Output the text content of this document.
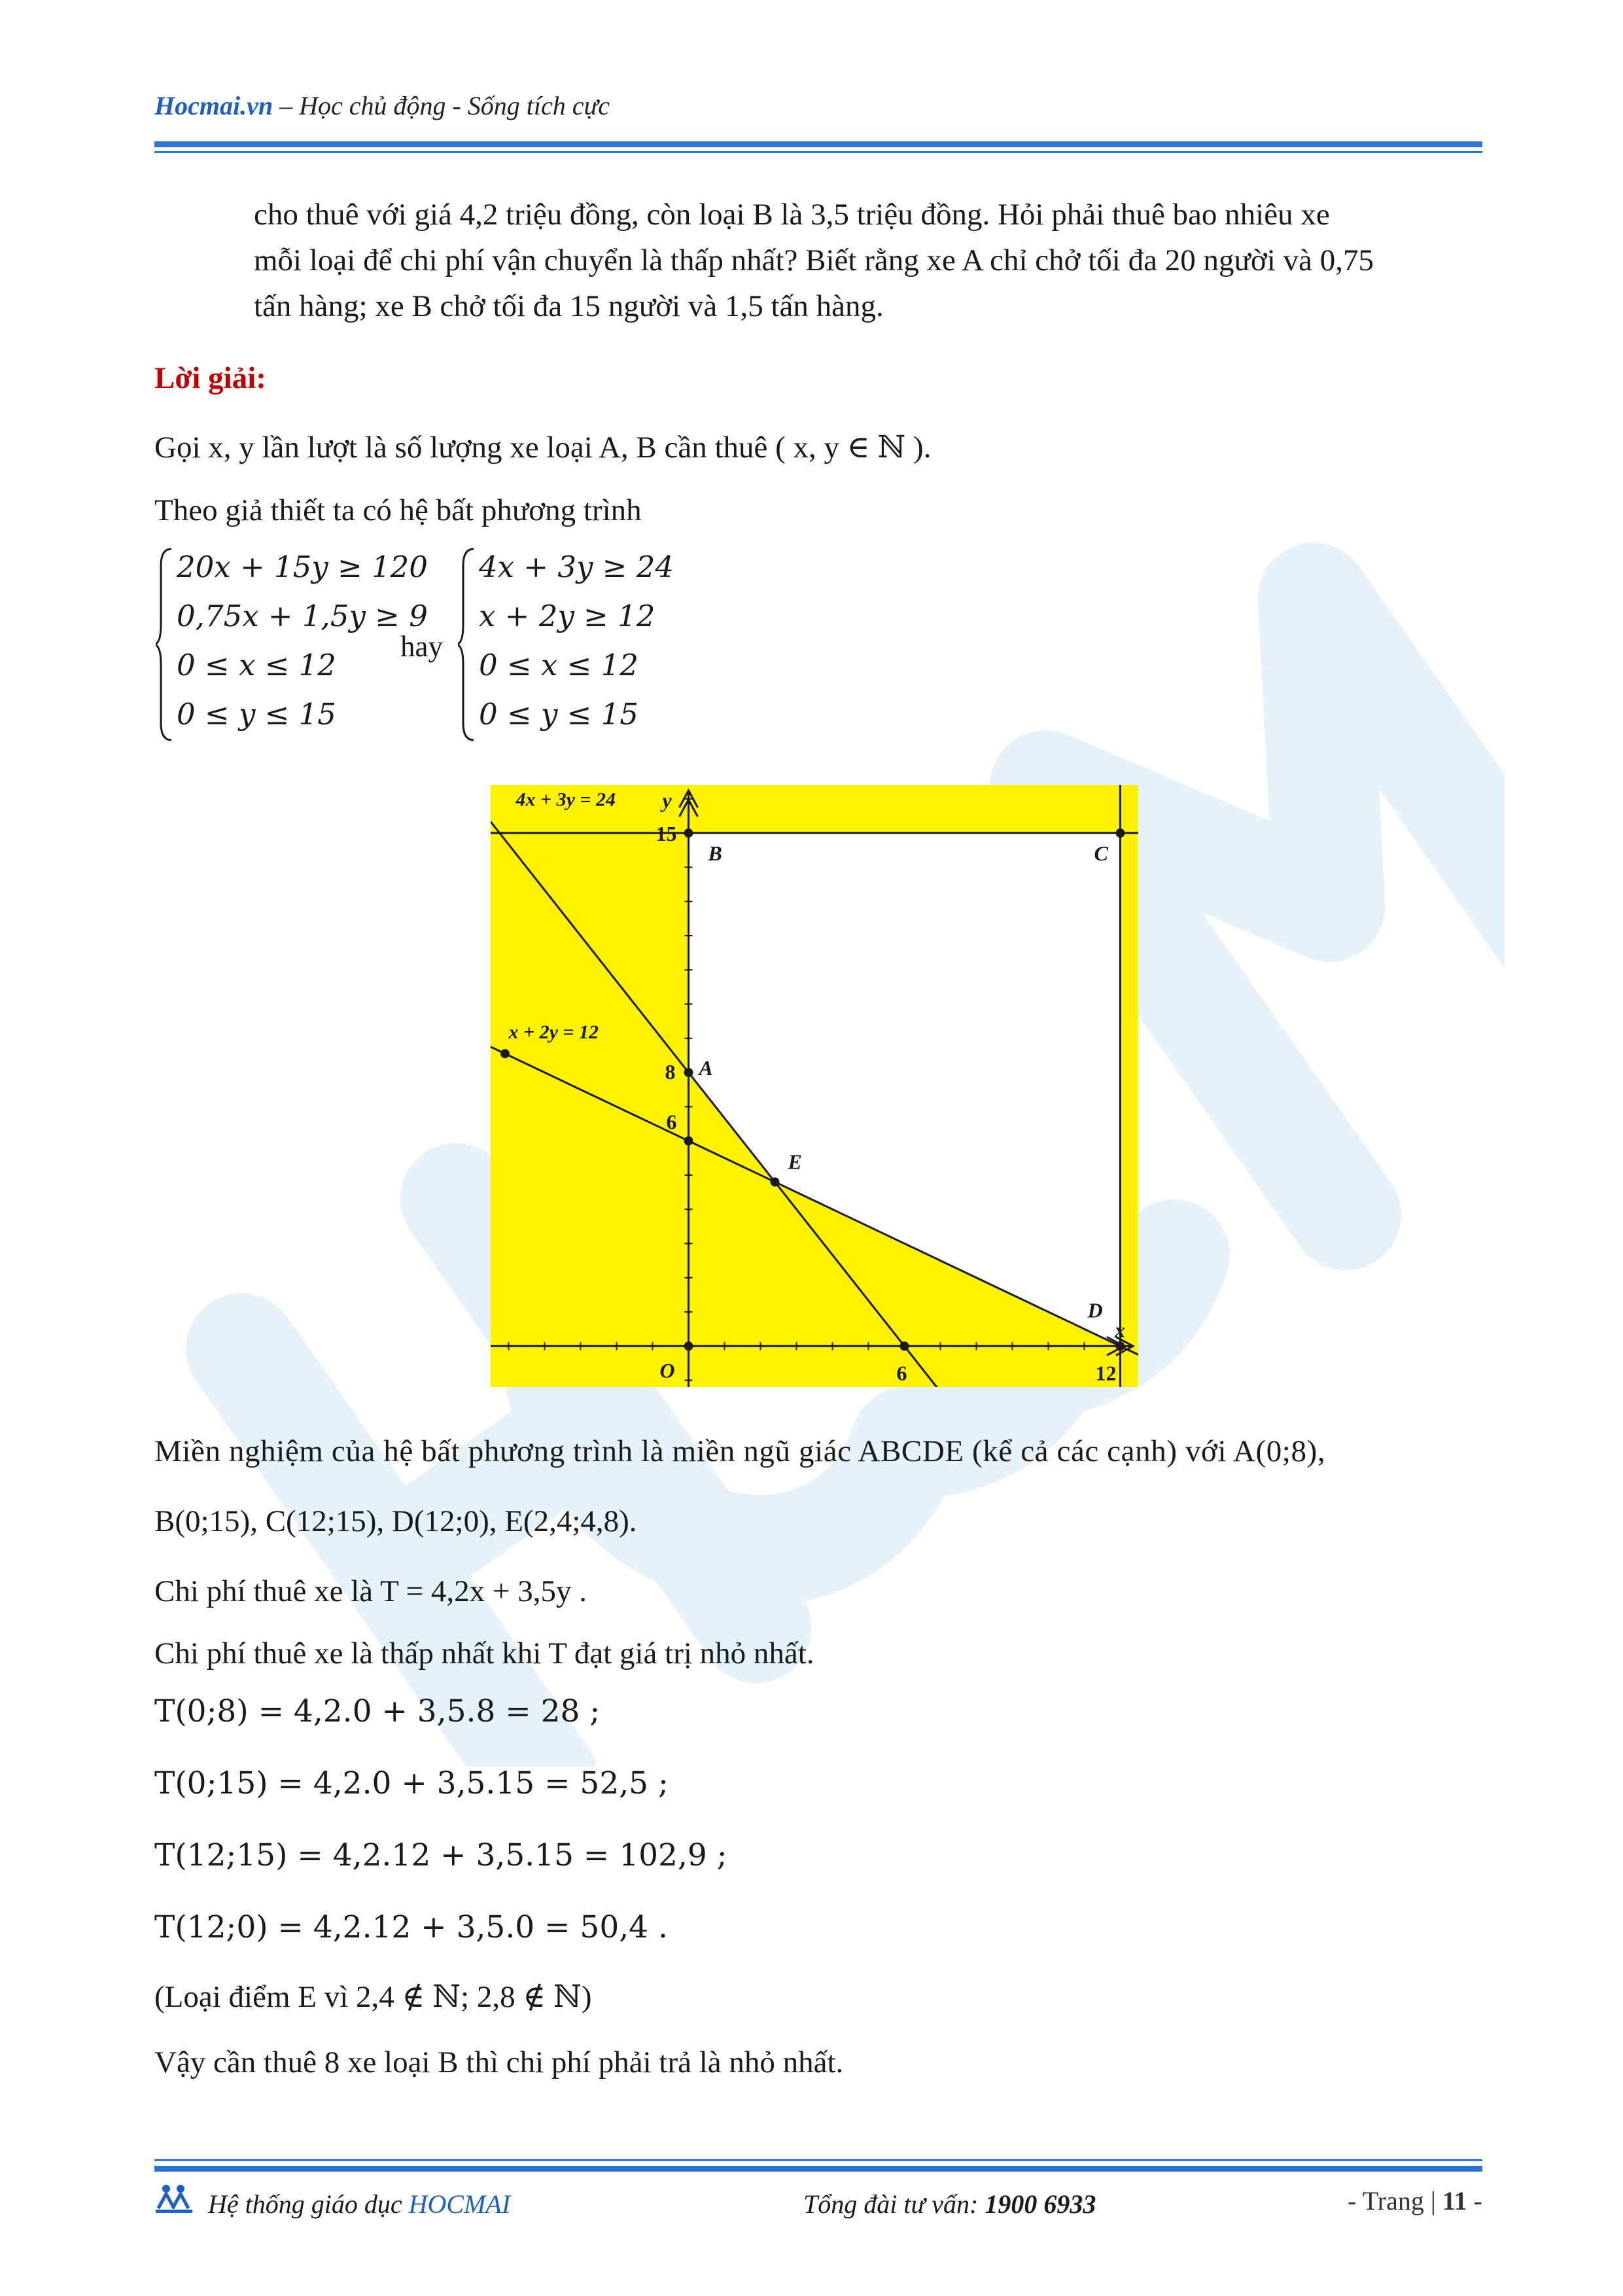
Hocmai.vn – Học chủ động - Sống tích cực
cho thuê với giá 4,2 triệu đồng, còn loại B là 3,5 triệu đồng. Hỏi phải thuê bao nhiêu xe
mỗi loại để chi phí vận chuyển là thấp nhất? Biết rằng xe A chỉ chở tối đa 20 người và 0,75
tấn hàng; xe B chở tối đa 15 người và 1,5 tấn hàng.
Lời giải:
Gọi x, y lần lượt là số lượng xe loại A, B cần thuê ( x, y ∈ ℕ ).
Theo giả thiết ta có hệ bất phương trình
20x + 15y ≥ 120
0,75x + 1,5y ≥ 9
0 ≤ x ≤ 12
0 ≤ y ≤ 15
hay
4x + 3y ≥ 24
x + 2y ≥ 12
0 ≤ x ≤ 12
0 ≤ y ≤ 15
4x + 3y = 24
x + 2y = 12
A
B	C
D
E
O
15
8
6
6	12
x
y
Miền nghiệm của hệ bất phương trình là miền ngũ giác ABCDE (kể cả các cạnh) với A(0;8),
B(0;15), C(12;15), D(12;0), E(2,4;4,8).
Chi phí thuê xe là T = 4,2x + 3,5y .
Chi phí thuê xe là thấp nhất khi T đạt giá trị nhỏ nhất.
T(0;8) = 4,2.0 + 3,5.8 = 28 ;
T(0;15) = 4,2.0 + 3,5.15 = 52,5 ;
T(12;15) = 4,2.12 + 3,5.15 = 102,9 ;
T(12;0) = 4,2.12 + 3,5.0 = 50,4 .
(Loại điểm E vì 2,4 ∉ ℕ; 2,8 ∉ ℕ)
Vậy cần thuê 8 xe loại B thì chi phí phải trả là nhỏ nhất.
Hệ thống giáo dục HOCMAI	Tổng đài tư vấn: 1900 6933	- Trang | 11 -
